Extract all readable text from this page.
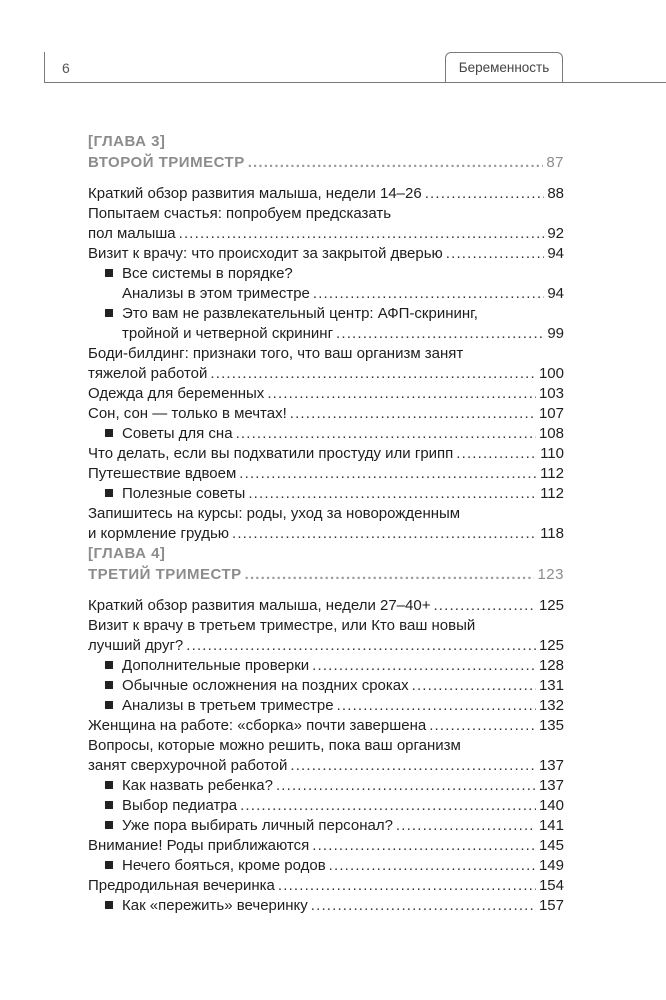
6	Беременность
[ГЛАВА 3]
ВТОРОЙ ТРИМЕСТР . . .	87
Краткий обзор развития малыша, недели 14–26 . . .	88
Попытаем счастья: попробуем предсказать
пол малыша . . .	92
Визит к врачу: что происходит за закрытой дверью . . .	94
Все системы в порядке?
Анализы в этом триместре . . .	94
Это вам не развлекательный центр: АФП-скрининг,
тройной и четверной скрининг . . .	99
Боди-билдинг: признаки того, что ваш организм занят
тяжелой работой . . .	100
Одежда для беременных . . .	103
Сон, сон — только в мечтах! . . .	107
Советы для сна . . .	108
Что делать, если вы подхватили простуду или грипп . . .	110
Путешествие вдвоем . . .	112
Полезные советы . . .	112
Запишитесь на курсы: роды, уход за новорожденным
и кормление грудью . . .	118
[ГЛАВА 4]
ТРЕТИЙ ТРИМЕСТР . . .	123
Краткий обзор развития малыша, недели 27–40+ . . .	125
Визит к врачу в третьем триместре, или Кто ваш новый
лучший друг? . . .	125
Дополнительные проверки . . .	128
Обычные осложнения на поздних сроках . . .	131
Анализы в третьем триместре . . .	132
Женщина на работе: «сборка» почти завершена . . .	135
Вопросы, которые можно решить, пока ваш организм
занят сверхурочной работой . . .	137
Как назвать ребенка? . . .	137
Выбор педиатра . . .	140
Уже пора выбирать личный персонал? . . .	141
Внимание! Роды приближаются . . .	145
Нечего бояться, кроме родов . . .	149
Предродильная вечеринка . . .	154
Как «пережить» вечеринку . . .	157
